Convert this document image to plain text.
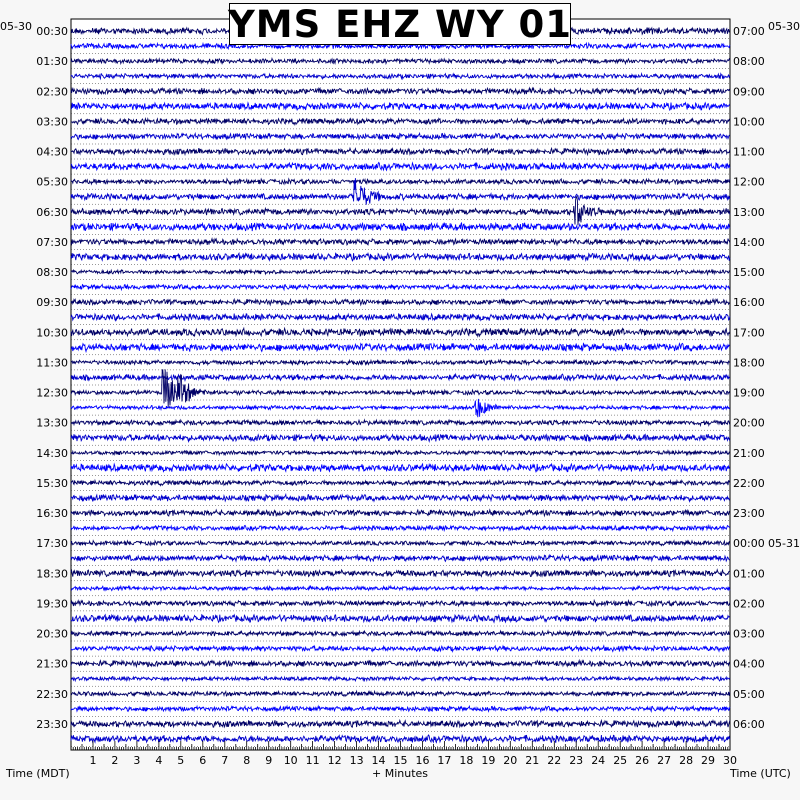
1 2 3 4 5 6 7 8 9 10 11 12 13 14 15 16 17 18 19 20 21 22 23 24 25 26 27 28 29 30
00:30
01:30
02:30
03:30
04:30
05:30
06:30
07:30
08:30
09:30
10:30
11:30
12:30
13:30
14:30
15:30
16:30
17:30
18:30
19:30
20:30
21:30
22:30
23:30
07:00
08:00
09:00
10:00
11:00
12:00
13:00
14:00
15:00
16:00
17:00
18:00
19:00
20:00
21:00
22:00
23:00
00:00 05-31
01:00
02:00
03:00
04:00
05:00
06:00
05-30	05-30
Time (MDT)	+ Minutes	Time (UTC)
YMS EHZ WY 01
